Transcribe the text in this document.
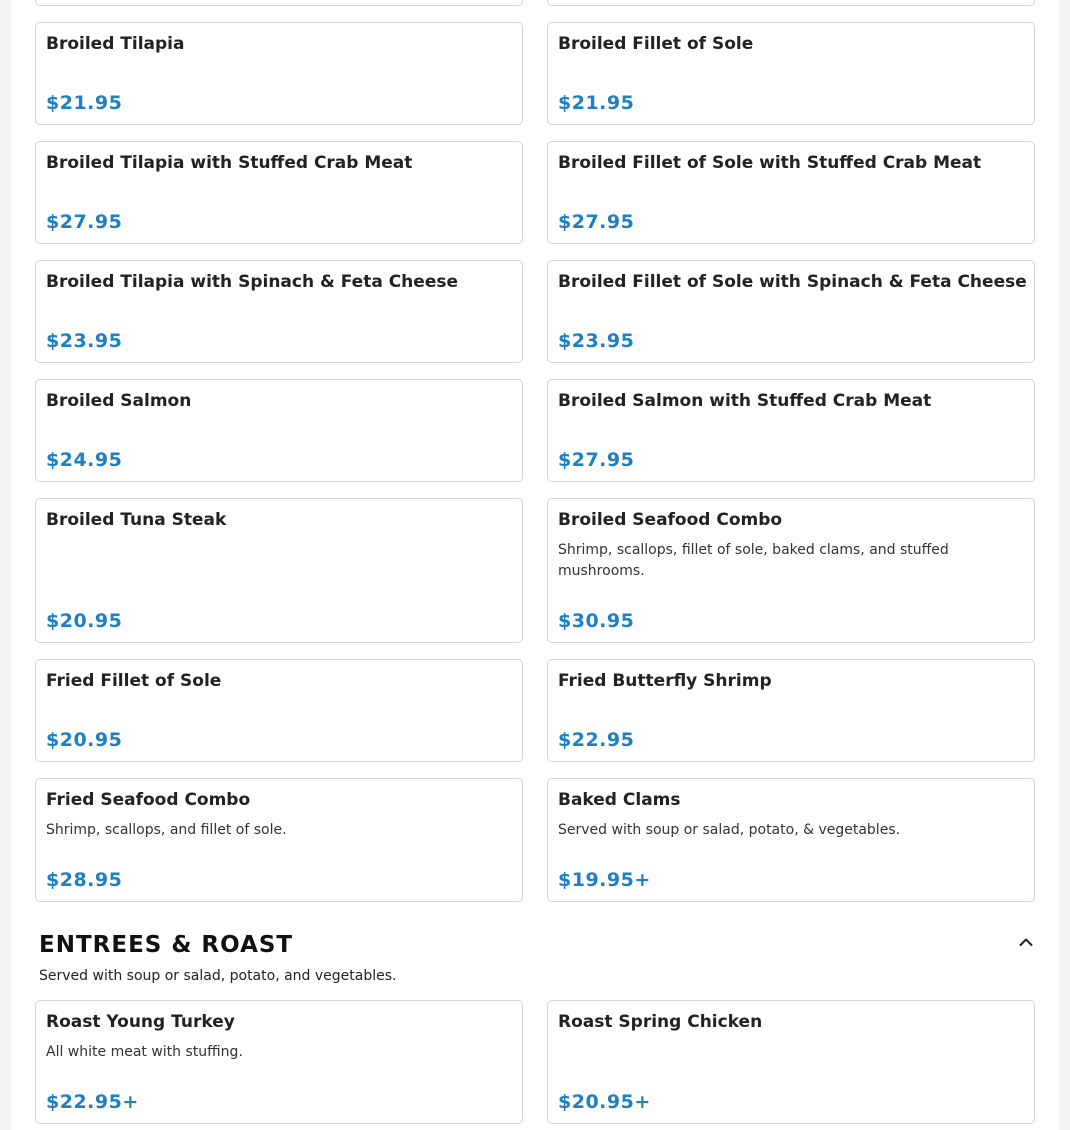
Broiled Tilapia
$21.95
Broiled Fillet of Sole
$21.95
Broiled Tilapia with Stuffed Crab Meat
$27.95
Broiled Fillet of Sole with Stuffed Crab Meat
$27.95
Broiled Tilapia with Spinach & Feta Cheese
$23.95
Broiled Fillet of Sole with Spinach & Feta Cheese
$23.95
Broiled Salmon
$24.95
Broiled Salmon with Stuffed Crab Meat
$27.95
Broiled Tuna Steak
$20.95
Broiled Seafood Combo
Shrimp, scallops, fillet of sole, baked clams, and stuffed mushrooms.
$30.95
Fried Fillet of Sole
$20.95
Fried Butterfly Shrimp
$22.95
Fried Seafood Combo
Shrimp, scallops, and fillet of sole.
$28.95
Baked Clams
Served with soup or salad, potato, & vegetables.
$19.95+
ENTREES & ROAST
Served with soup or salad, potato, and vegetables.
Roast Young Turkey
All white meat with stuffing.
$22.95+
Roast Spring Chicken
$20.95+
